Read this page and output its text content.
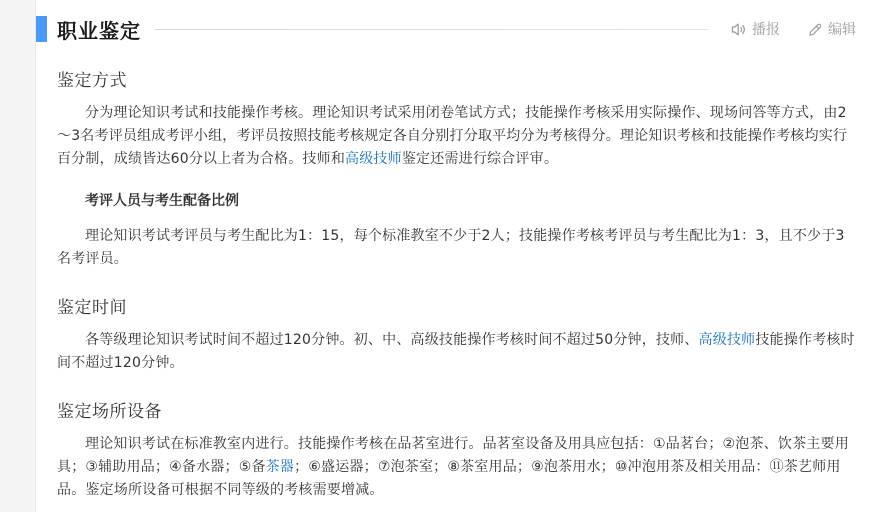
职业鉴定	播报	编辑
鉴定方式

分为理论知识考试和技能操作考核。理论知识考试采用闭卷笔试方式；技能操作考核采用实际操作、现场问答等方式，由2～3名考评员组成考评小组，考评员按照技能考核规定各自分别打分取平均分为考核得分。理论知识考核和技能操作考核均实行百分制，成绩皆达60分以上者为合格。技师和高级技师鉴定还需进行综合评审。

考评人员与考生配备比例

理论知识考试考评员与考生配比为1：15，每个标准教室不少于2人；技能操作考核考评员与考生配比为1：3，且不少于3名考评员。

鉴定时间

各等级理论知识考试时间不超过120分钟。初、中、高级技能操作考核时间不超过50分钟，技师、高级技师技能操作考核时间不超过120分钟。

鉴定场所设备

理论知识考试在标准教室内进行。技能操作考核在品茗室进行。品茗室设备及用具应包括：①品茗台；②泡茶、饮茶主要用具；③辅助用品；④备水器；⑤备茶器；⑥盛运器；⑦泡茶室；⑧茶室用品；⑨泡茶用水；⑩冲泡用茶及相关用品：⑪茶艺师用品。鉴定场所设备可根据不同等级的考核需要增减。
